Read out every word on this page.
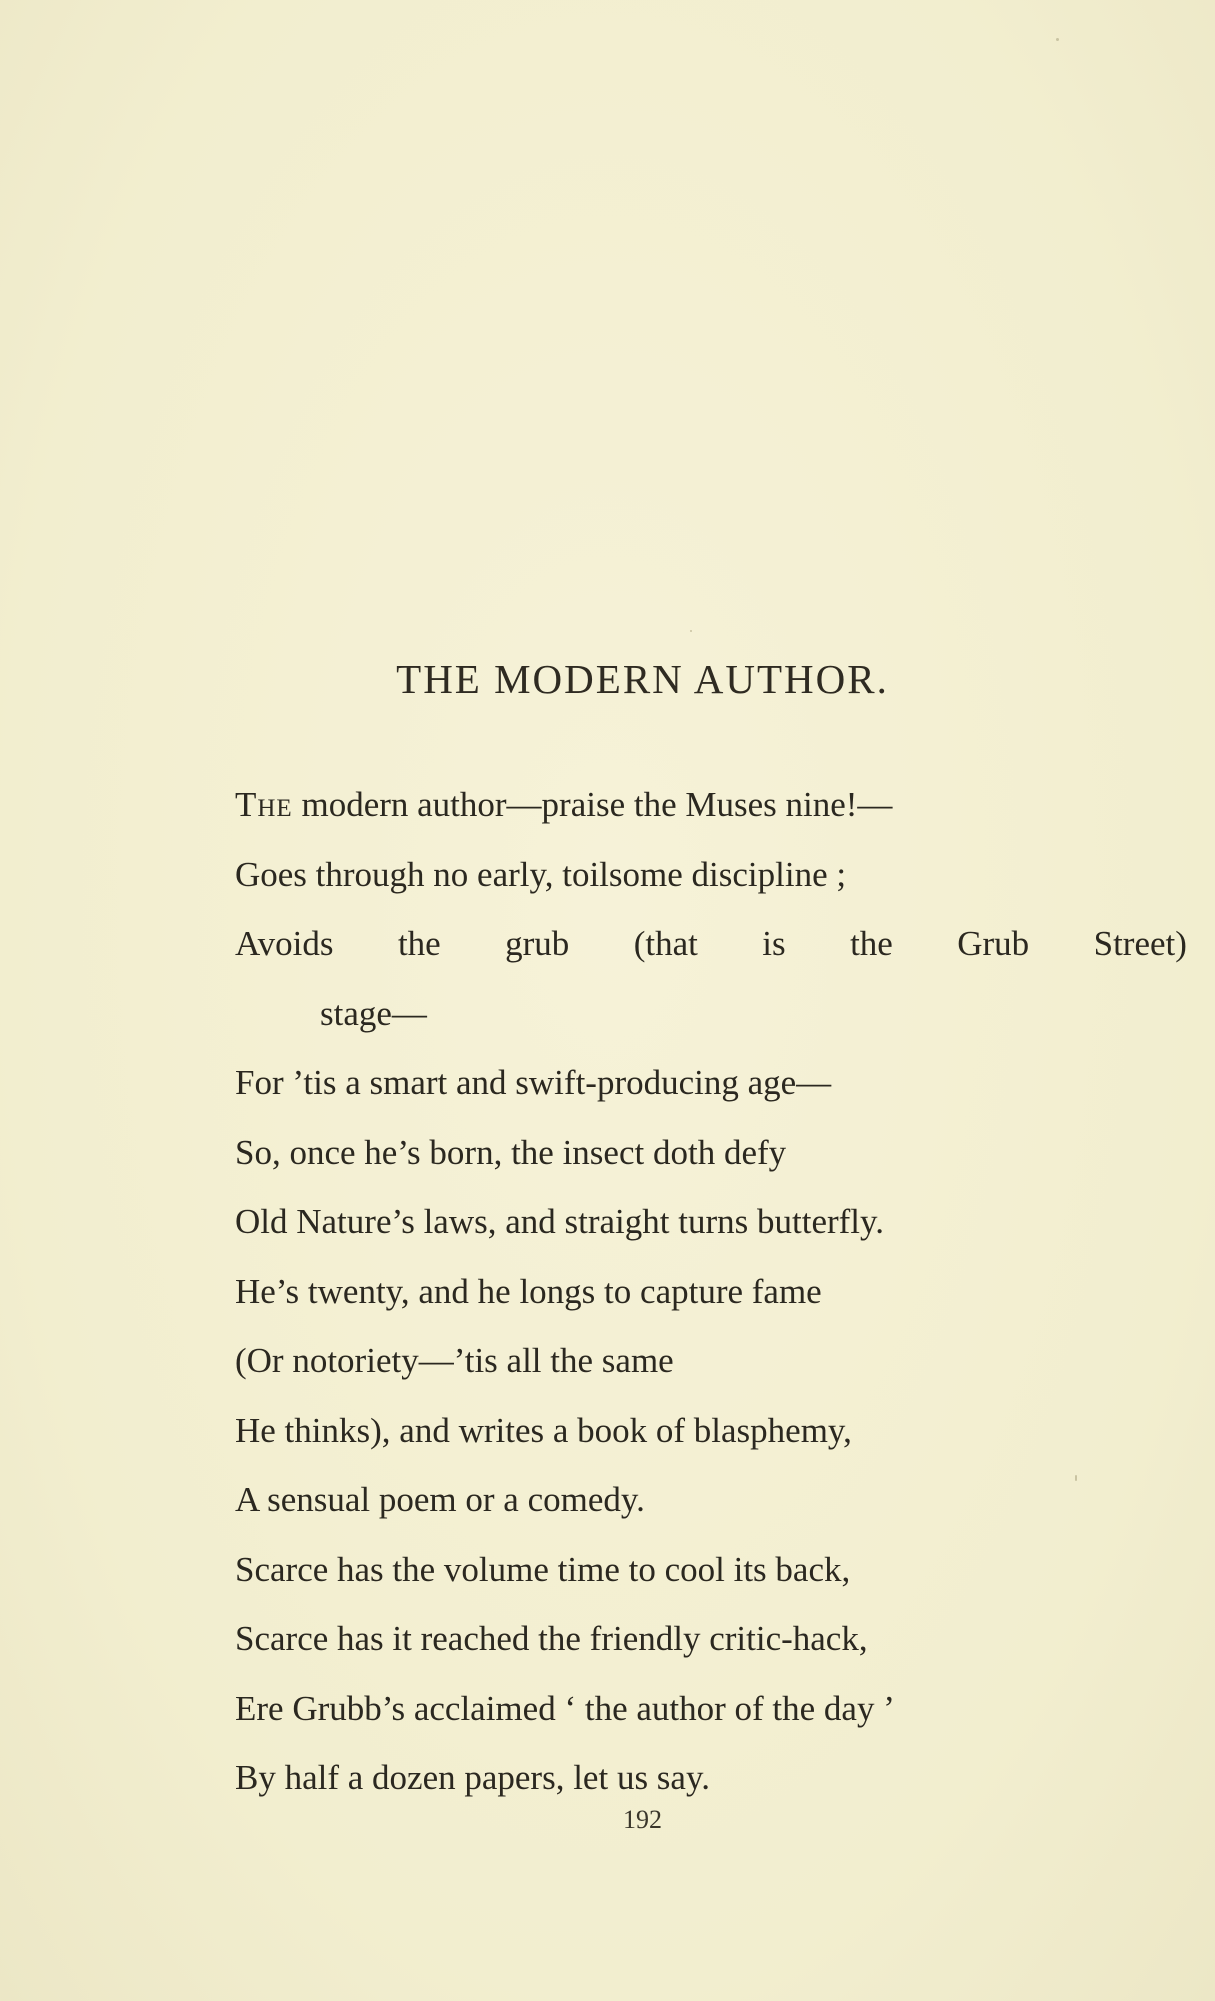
THE MODERN AUTHOR.
The modern author—praise the Muses nine!—
Goes through no early, toilsome discipline ;
Avoids the grub (that is the Grub Street)
stage—
For ’tis a smart and swift-producing age—
So, once he’s born, the insect doth defy
Old Nature’s laws, and straight turns butterfly.
He’s twenty, and he longs to capture fame
(Or notoriety—’tis all the same
He thinks), and writes a book of blasphemy,
A sensual poem or a comedy.
Scarce has the volume time to cool its back,
Scarce has it reached the friendly critic-hack,
Ere Grubb’s acclaimed ‘ the author of the day ’
By half a dozen papers, let us say.
192
